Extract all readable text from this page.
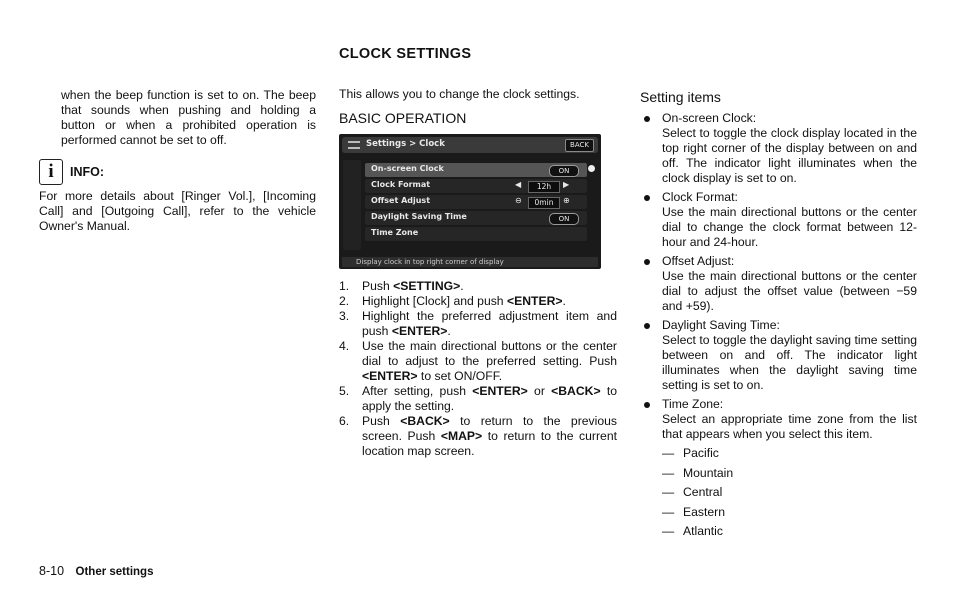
CLOCK SETTINGS

when the beep function is set to on. The beep that sounds when pushing and holding a button or when a prohibited operation is performed cannot be set to off.

i	INFO:

For more details about [Ringer Vol.], [Incoming Call] and [Outgoing Call], refer to the vehicle Owner's Manual.

This allows you to change the clock settings.

BASIC OPERATION
Settings > Clock	BACK
On-screen Clock	ON
Clock Format	◀	12h	▶
Offset Adjust	⊖	0min	⊕
Daylight Saving Time	ON
Time Zone
Display clock in top right corner of display
1. Push <SETTING>.
2. Highlight [Clock] and push <ENTER>.
3. Highlight the preferred adjustment item and push <ENTER>.
4. Use the main directional buttons or the center dial to adjust to the preferred setting. Push <ENTER> to set ON/OFF.
5. After setting, push <ENTER> or <BACK> to apply the setting.
6. Push <BACK> to return to the previous screen. Push <MAP> to return to the current location map screen.
Setting items
On-screen Clock:
Select to toggle the clock display located in the top right corner of the display between on and off. The indicator light illuminates when the clock display is set to on.
Clock Format:
Use the main directional buttons or the center dial to change the clock format between 12-hour and 24-hour.
Offset Adjust:
Use the main directional buttons or the center dial to adjust the offset value (between −59 and +59).
Daylight Saving Time:
Select to toggle the daylight saving time setting between on and off. The indicator light illuminates when the daylight saving time setting is set to on.
Time Zone:
Select an appropriate time zone from the list that appears when you select this item.
— Pacific
— Mountain
— Central
— Eastern
— Atlantic
8-10 Other settings
